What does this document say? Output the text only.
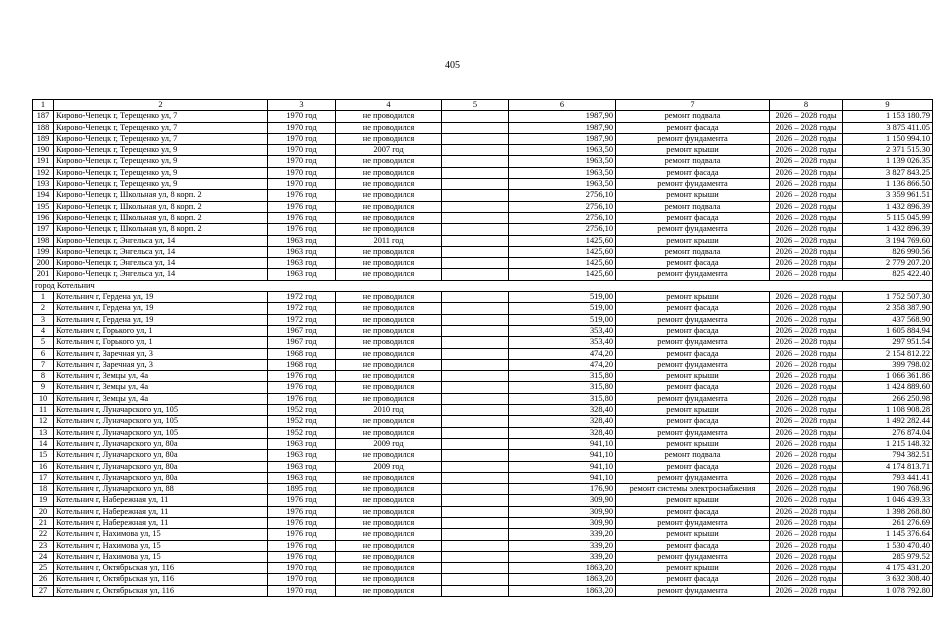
405
1	2	3	4	5	6	7	8	9
187	Кирово-Чепецк г, Терещенко ул, 7	1970 год	не проводился		1987,90	ремонт подвала	2026 – 2028 годы	1 153 180.79
188	Кирово-Чепецк г, Терещенко ул, 7	1970 год	не проводился		1987,90	ремонт фасада	2026 – 2028 годы	3 875 411.05
189	Кирово-Чепецк г, Терещенко ул, 7	1970 год	не проводился		1987,90	ремонт фундамента	2026 – 2028 годы	1 150 994.10
190	Кирово-Чепецк г, Терещенко ул, 9	1970 год	2007 год		1963,50	ремонт крыши	2026 – 2028 годы	2 371 515.30
191	Кирово-Чепецк г, Терещенко ул, 9	1970 год	не проводился		1963,50	ремонт подвала	2026 – 2028 годы	1 139 026.35
192	Кирово-Чепецк г, Терещенко ул, 9	1970 год	не проводился		1963,50	ремонт фасада	2026 – 2028 годы	3 827 843.25
193	Кирово-Чепецк г, Терещенко ул, 9	1970 год	не проводился		1963,50	ремонт фундамента	2026 – 2028 годы	1 136 866.50
194	Кирово-Чепецк г, Школьная ул, 8 корп. 2	1976 год	не проводился		2756,10	ремонт крыши	2026 – 2028 годы	3 359 961.51
195	Кирово-Чепецк г, Школьная ул, 8 корп. 2	1976 год	не проводился		2756,10	ремонт подвала	2026 – 2028 годы	1 432 896.39
196	Кирово-Чепецк г, Школьная ул, 8 корп. 2	1976 год	не проводился		2756,10	ремонт фасада	2026 – 2028 годы	5 115 045.99
197	Кирово-Чепецк г, Школьная ул, 8 корп. 2	1976 год	не проводился		2756,10	ремонт фундамента	2026 – 2028 годы	1 432 896.39
198	Кирово-Чепецк г, Энгельса ул, 14	1963 год	2011 год		1425,60	ремонт крыши	2026 – 2028 годы	3 194 769.60
199	Кирово-Чепецк г, Энгельса ул, 14	1963 год	не проводился		1425,60	ремонт подвала	2026 – 2028 годы	826 990.56
200	Кирово-Чепецк г, Энгельса ул, 14	1963 год	не проводился		1425,60	ремонт фасада	2026 – 2028 годы	2 779 207.20
201	Кирово-Чепецк г, Энгельса ул, 14	1963 год	не проводился		1425,60	ремонт фундамента	2026 – 2028 годы	825 422.40
город Котельнич								
1	Котельнич г, Гердена ул, 19	1972 год	не проводился		519,00	ремонт крыши	2026 – 2028 годы	1 752 507.30
2	Котельнич г, Гердена ул, 19	1972 год	не проводился		519,00	ремонт фасада	2026 – 2028 годы	2 358 387.90
3	Котельнич г, Гердена ул, 19	1972 год	не проводился		519,00	ремонт фундамента	2026 – 2028 годы	437 568.90
4	Котельнич г, Горького ул, 1	1967 год	не проводился		353,40	ремонт фасада	2026 – 2028 годы	1 605 884.94
5	Котельнич г, Горького ул, 1	1967 год	не проводился		353,40	ремонт фундамента	2026 – 2028 годы	297 951.54
6	Котельнич г, Заречная ул, 3	1968 год	не проводился		474,20	ремонт фасада	2026 – 2028 годы	2 154 812.22
7	Котельнич г, Заречная ул, 3	1968 год	не проводился		474,20	ремонт фундамента	2026 – 2028 годы	399 798.02
8	Котельнич г, Земцы ул, 4а	1976 год	не проводился		315,80	ремонт крыши	2026 – 2028 годы	1 066 361.86
9	Котельнич г, Земцы ул, 4а	1976 год	не проводился		315,80	ремонт фасада	2026 – 2028 годы	1 424 889.60
10	Котельнич г, Земцы ул, 4а	1976 год	не проводился		315,80	ремонт фундамента	2026 – 2028 годы	266 250.98
11	Котельнич г, Луначарского ул, 105	1952 год	2010 год		328,40	ремонт крыши	2026 – 2028 годы	1 108 908.28
12	Котельнич г, Луначарского ул, 105	1952 год	не проводился		328,40	ремонт фасада	2026 – 2028 годы	1 492 282.44
13	Котельнич г, Луначарского ул, 105	1952 год	не проводился		328,40	ремонт фундамента	2026 – 2028 годы	276 874.04
14	Котельнич г, Луначарского ул, 80а	1963 год	2009 год		941,10	ремонт крыши	2026 – 2028 годы	1 215 148.32
15	Котельнич г, Луначарского ул, 80а	1963 год	не проводился		941,10	ремонт подвала	2026 – 2028 годы	794 382.51
16	Котельнич г, Луначарского ул, 80а	1963 год	2009 год		941,10	ремонт фасада	2026 – 2028 годы	4 174 813.71
17	Котельнич г, Луначарского ул, 80а	1963 год	не проводился		941,10	ремонт фундамента	2026 – 2028 годы	793 441.41
18	Котельнич г, Луначарского ул, 88	1895 год	не проводился		176,90	ремонт системы электроснабжения	2026 – 2028 годы	190 768.96
19	Котельнич г, Набережная ул, 11	1976 год	не проводился		309,90	ремонт крыши	2026 – 2028 годы	1 046 439.33
20	Котельнич г, Набережная ул, 11	1976 год	не проводился		309,90	ремонт фасада	2026 – 2028 годы	1 398 268.80
21	Котельнич г, Набережная ул, 11	1976 год	не проводился		309,90	ремонт фундамента	2026 – 2028 годы	261 276.69
22	Котельнич г, Нахимова ул, 15	1976 год	не проводился		339,20	ремонт крыши	2026 – 2028 годы	1 145 376.64
23	Котельнич г, Нахимова ул, 15	1976 год	не проводился		339,20	ремонт фасада	2026 – 2028 годы	1 530 470.40
24	Котельнич г, Нахимова ул, 15	1976 год	не проводился		339,20	ремонт фундамента	2026 – 2028 годы	285 979.52
25	Котельнич г, Октябрьская ул, 116	1970 год	не проводился		1863,20	ремонт крыши	2026 – 2028 годы	4 175 431.20
26	Котельнич г, Октябрьская ул, 116	1970 год	не проводился		1863,20	ремонт фасада	2026 – 2028 годы	3 632 308.40
27	Котельнич г, Октябрьская ул, 116	1970 год	не проводился		1863,20	ремонт фундамента	2026 – 2028 годы	1 078 792.80
